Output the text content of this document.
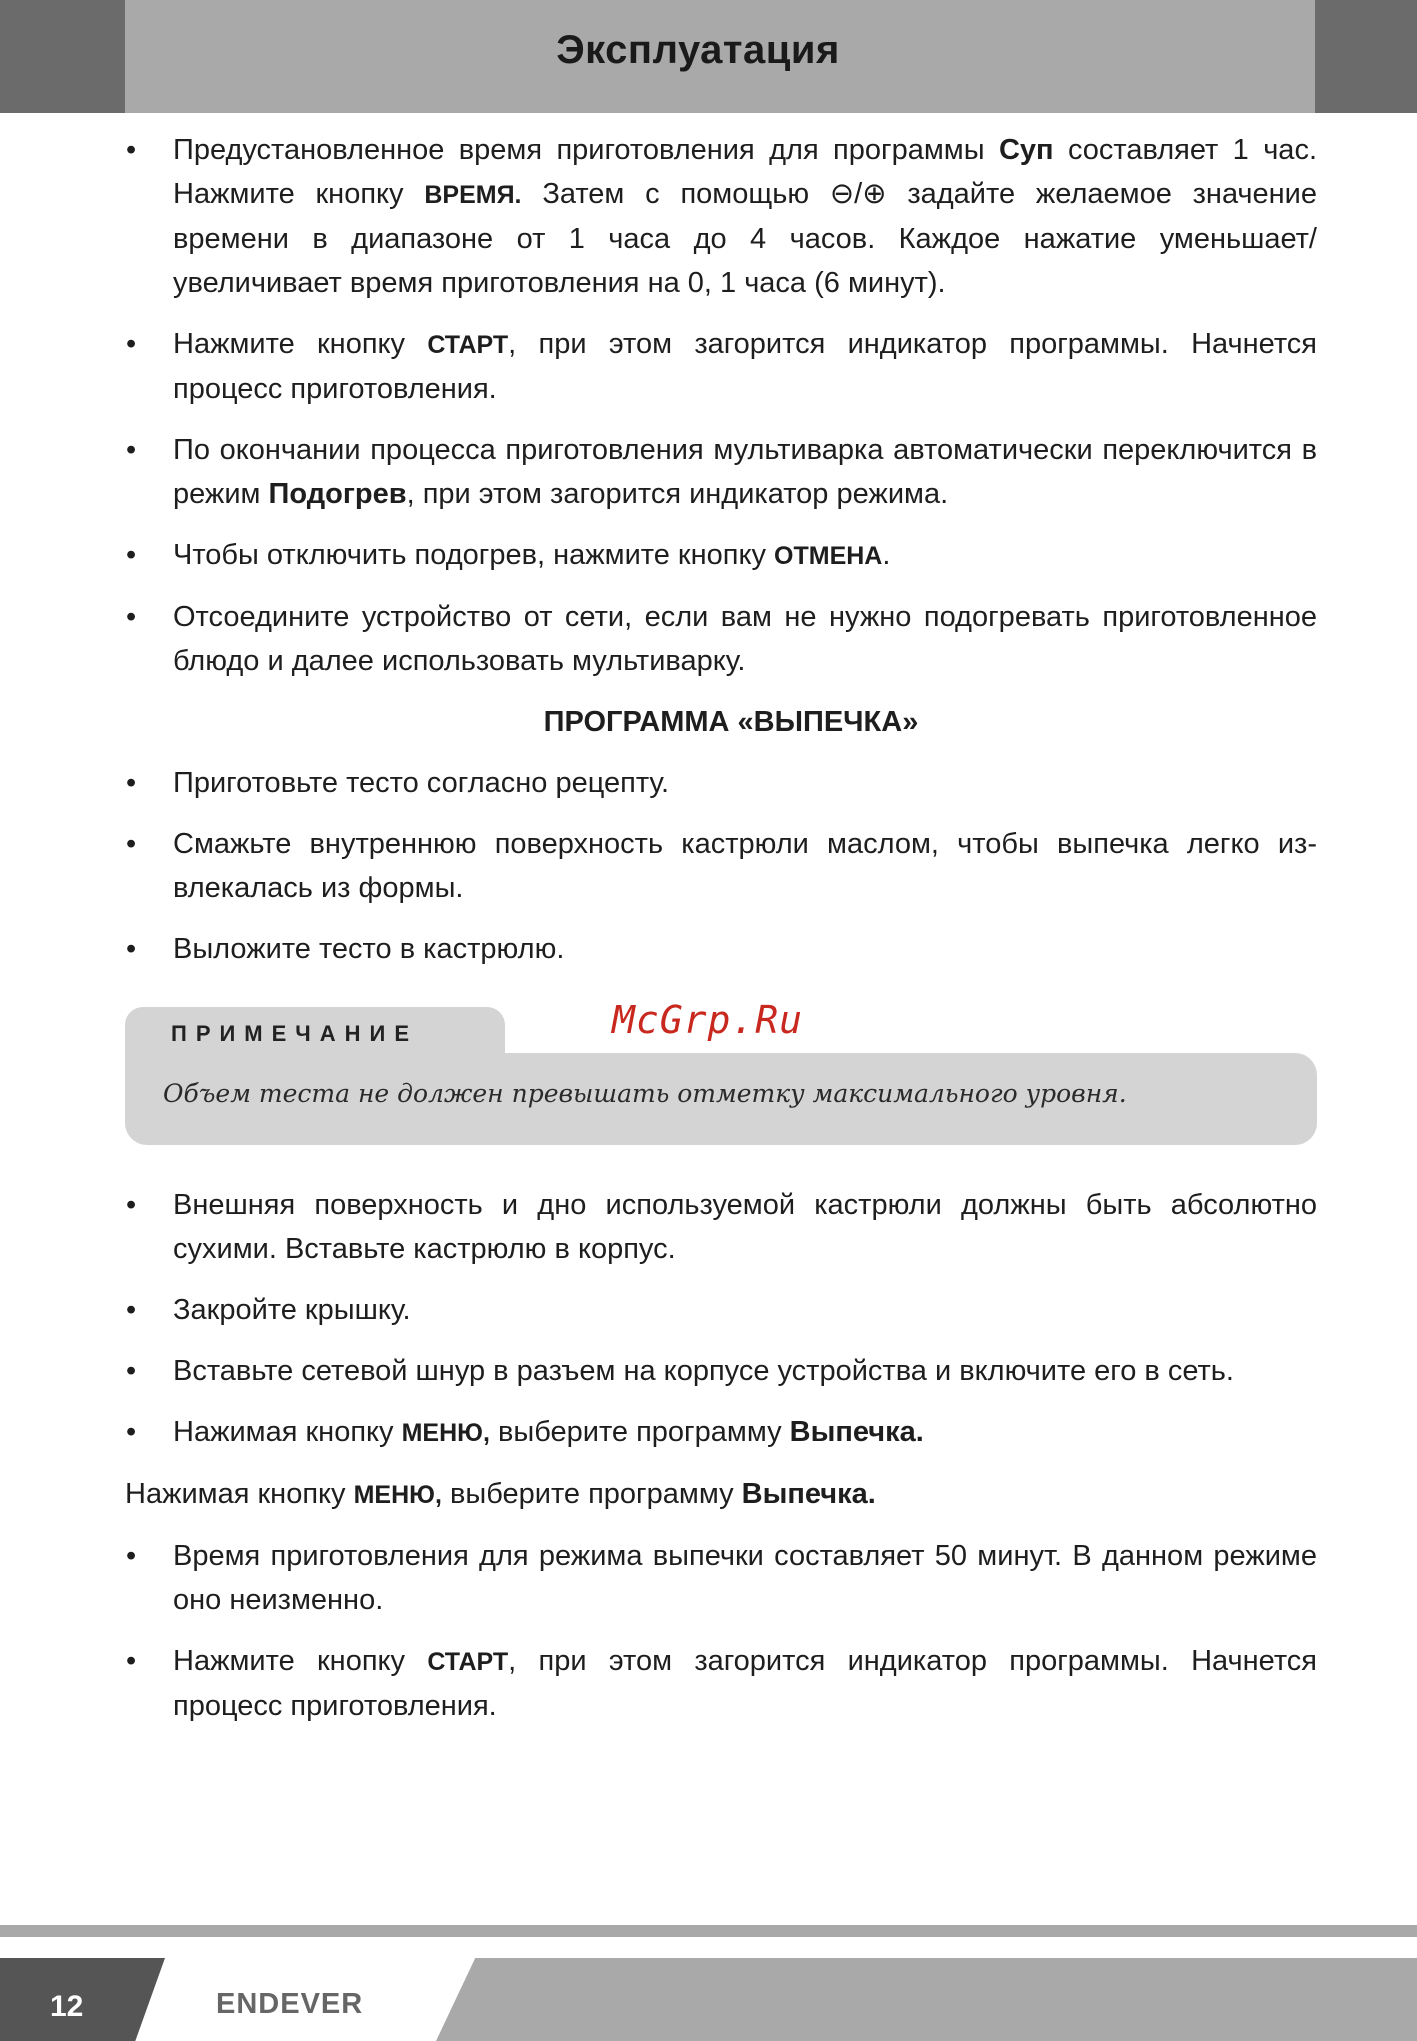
Эксплуатация
• Предустановленное время приготовления для программы Суп составляет 1 час. Нажмите кнопку ВРЕМЯ. Затем с помощью ⊖/⊕ задайте желаемое значение времени в диапазоне от 1 часа до 4 часов. Каждое нажатие уменьшает/ увеличивает время приготовления на 0, 1 часа (6 минут).
• Нажмите кнопку СТАРТ, при этом загорится индикатор программы. Начнется процесс приготовления.
• По окончании процесса приготовления мультиварка автоматически переключится в режим Подогрев, при этом загорится индикатор режима.
• Чтобы отключить подогрев, нажмите кнопку ОТМЕНА.
• Отсоедините устройство от сети, если вам не нужно подогревать приготовленное блюдо и далее использовать мультиварку.
ПРОГРАММА «ВЫПЕЧКА»
• Приготовьте тесто согласно рецепту.
• Смажьте внутреннюю поверхность кастрюли маслом, чтобы выпечка легко извлекалась из формы.
• Выложите тесто в кастрюлю.
Объем теста не должен превышать отметку максимального уровня.
ПРИМЕЧАНИЕ
• Внешняя поверхность и дно используемой кастрюли должны быть абсолютно сухими. Вставьте кастрюлю в корпус.
• Закройте крышку.
• Вставьте сетевой шнур в разъем на корпусе устройства и включите его в сеть.
• Нажимая кнопку МЕНЮ, выберите программу Выпечка.
Нажимая кнопку МЕНЮ, выберите программу Выпечка.
• Время приготовления для режима выпечки составляет 50 минут. В данном режиме оно неизменно.
• Нажмите кнопку СТАРТ, при этом загорится индикатор программы. Начнется процесс приготовления.
McGrp.Ru
12	ENDEVER
